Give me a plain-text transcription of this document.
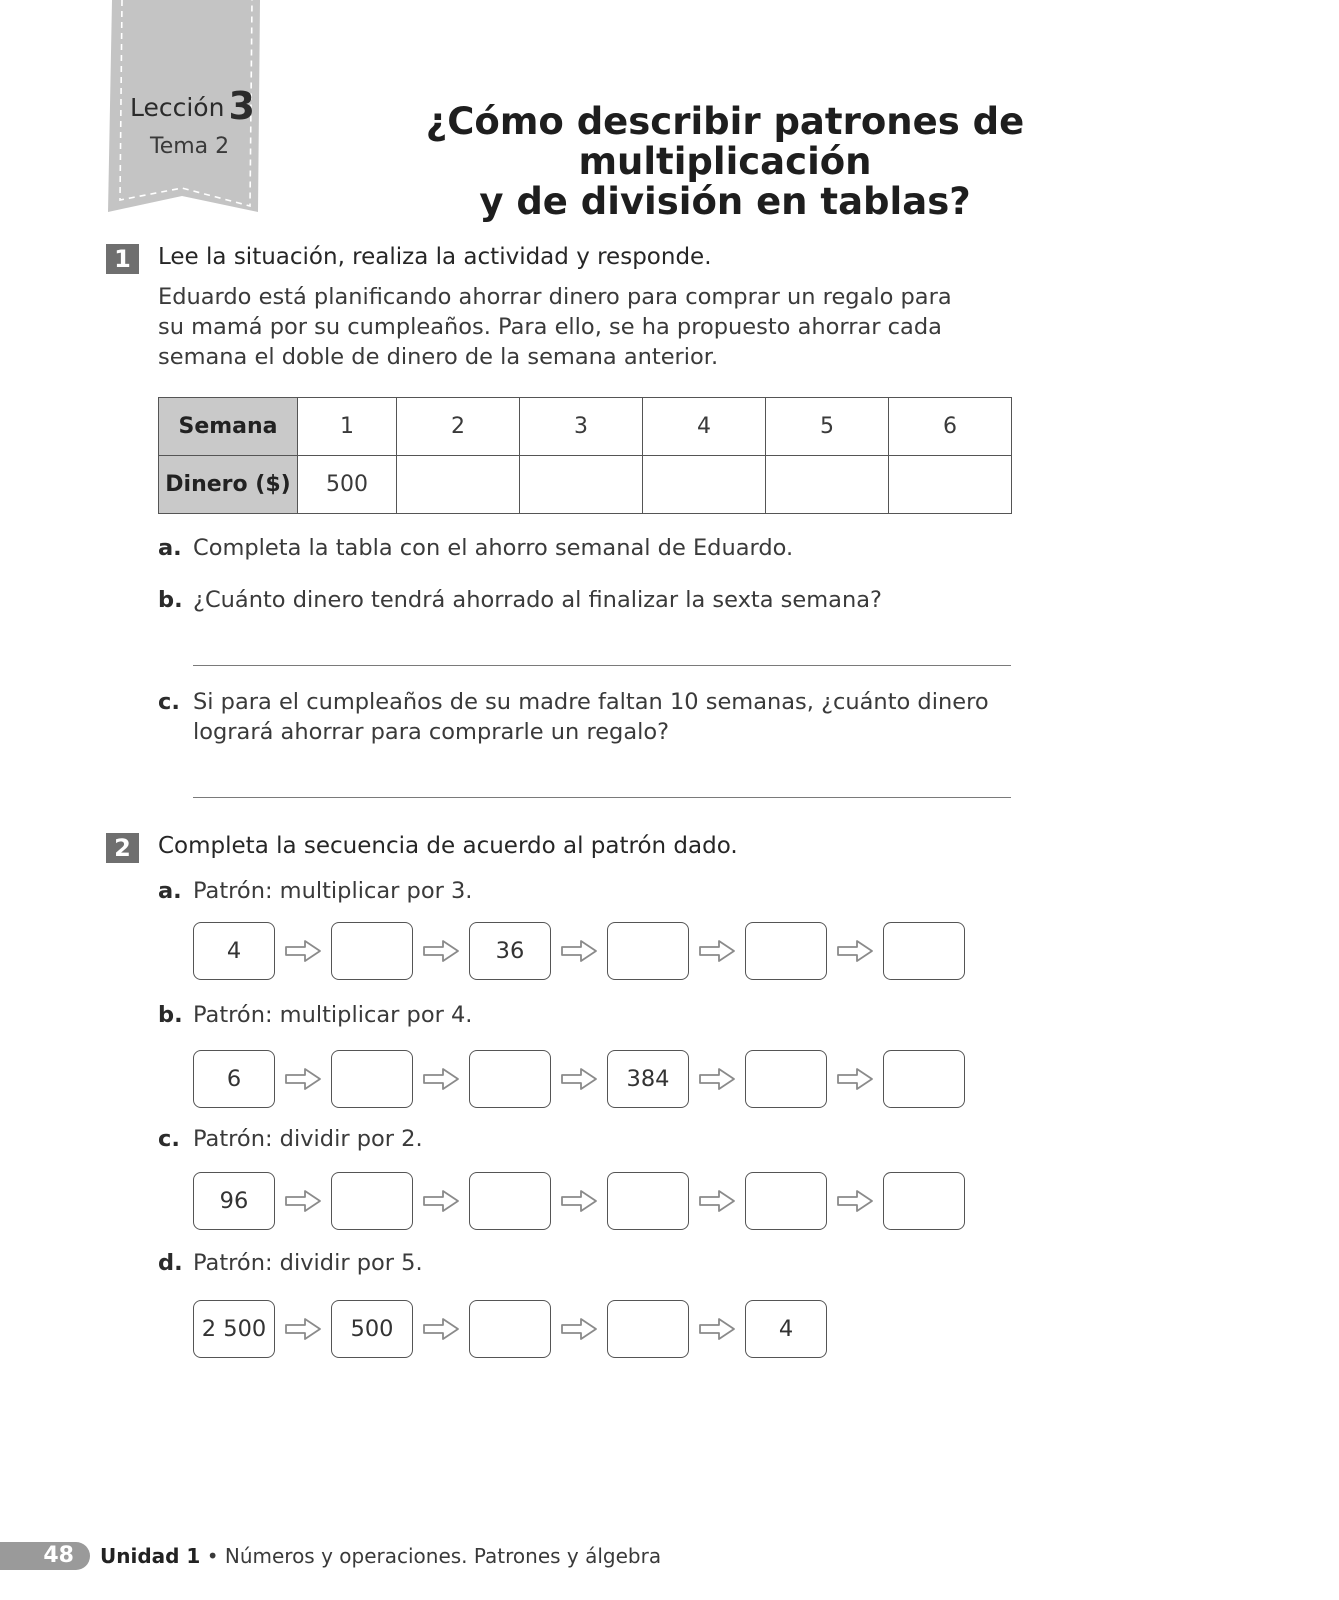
Lección 3
Tema 2
¿Cómo describir patrones de multiplicación
y de división en tablas?
1	Lee la situación, realiza la actividad y responde.
Eduardo está planificando ahorrar dinero para comprar un regalo para
su mamá por su cumpleaños. Para ello, se ha propuesto ahorrar cada
semana el doble de dinero de la semana anterior.
Semana	1	2	3	4	5	6
Dinero ($)	500					
a. Completa la tabla con el ahorro semanal de Eduardo.
b. ¿Cuánto dinero tendrá ahorrado al finalizar la sexta semana?
c. Si para el cumpleaños de su madre faltan 10 semanas, ¿cuánto dinero
logrará ahorrar para comprarle un regalo?
2	Completa la secuencia de acuerdo al patrón dado.
a. Patrón: multiplicar por 3.
4	36
b. Patrón: multiplicar por 4.
6	384
c. Patrón: dividir por 2.
96
d. Patrón: dividir por 5.
2 500	500	4
48	Unidad 1 • Números y operaciones. Patrones y álgebra
